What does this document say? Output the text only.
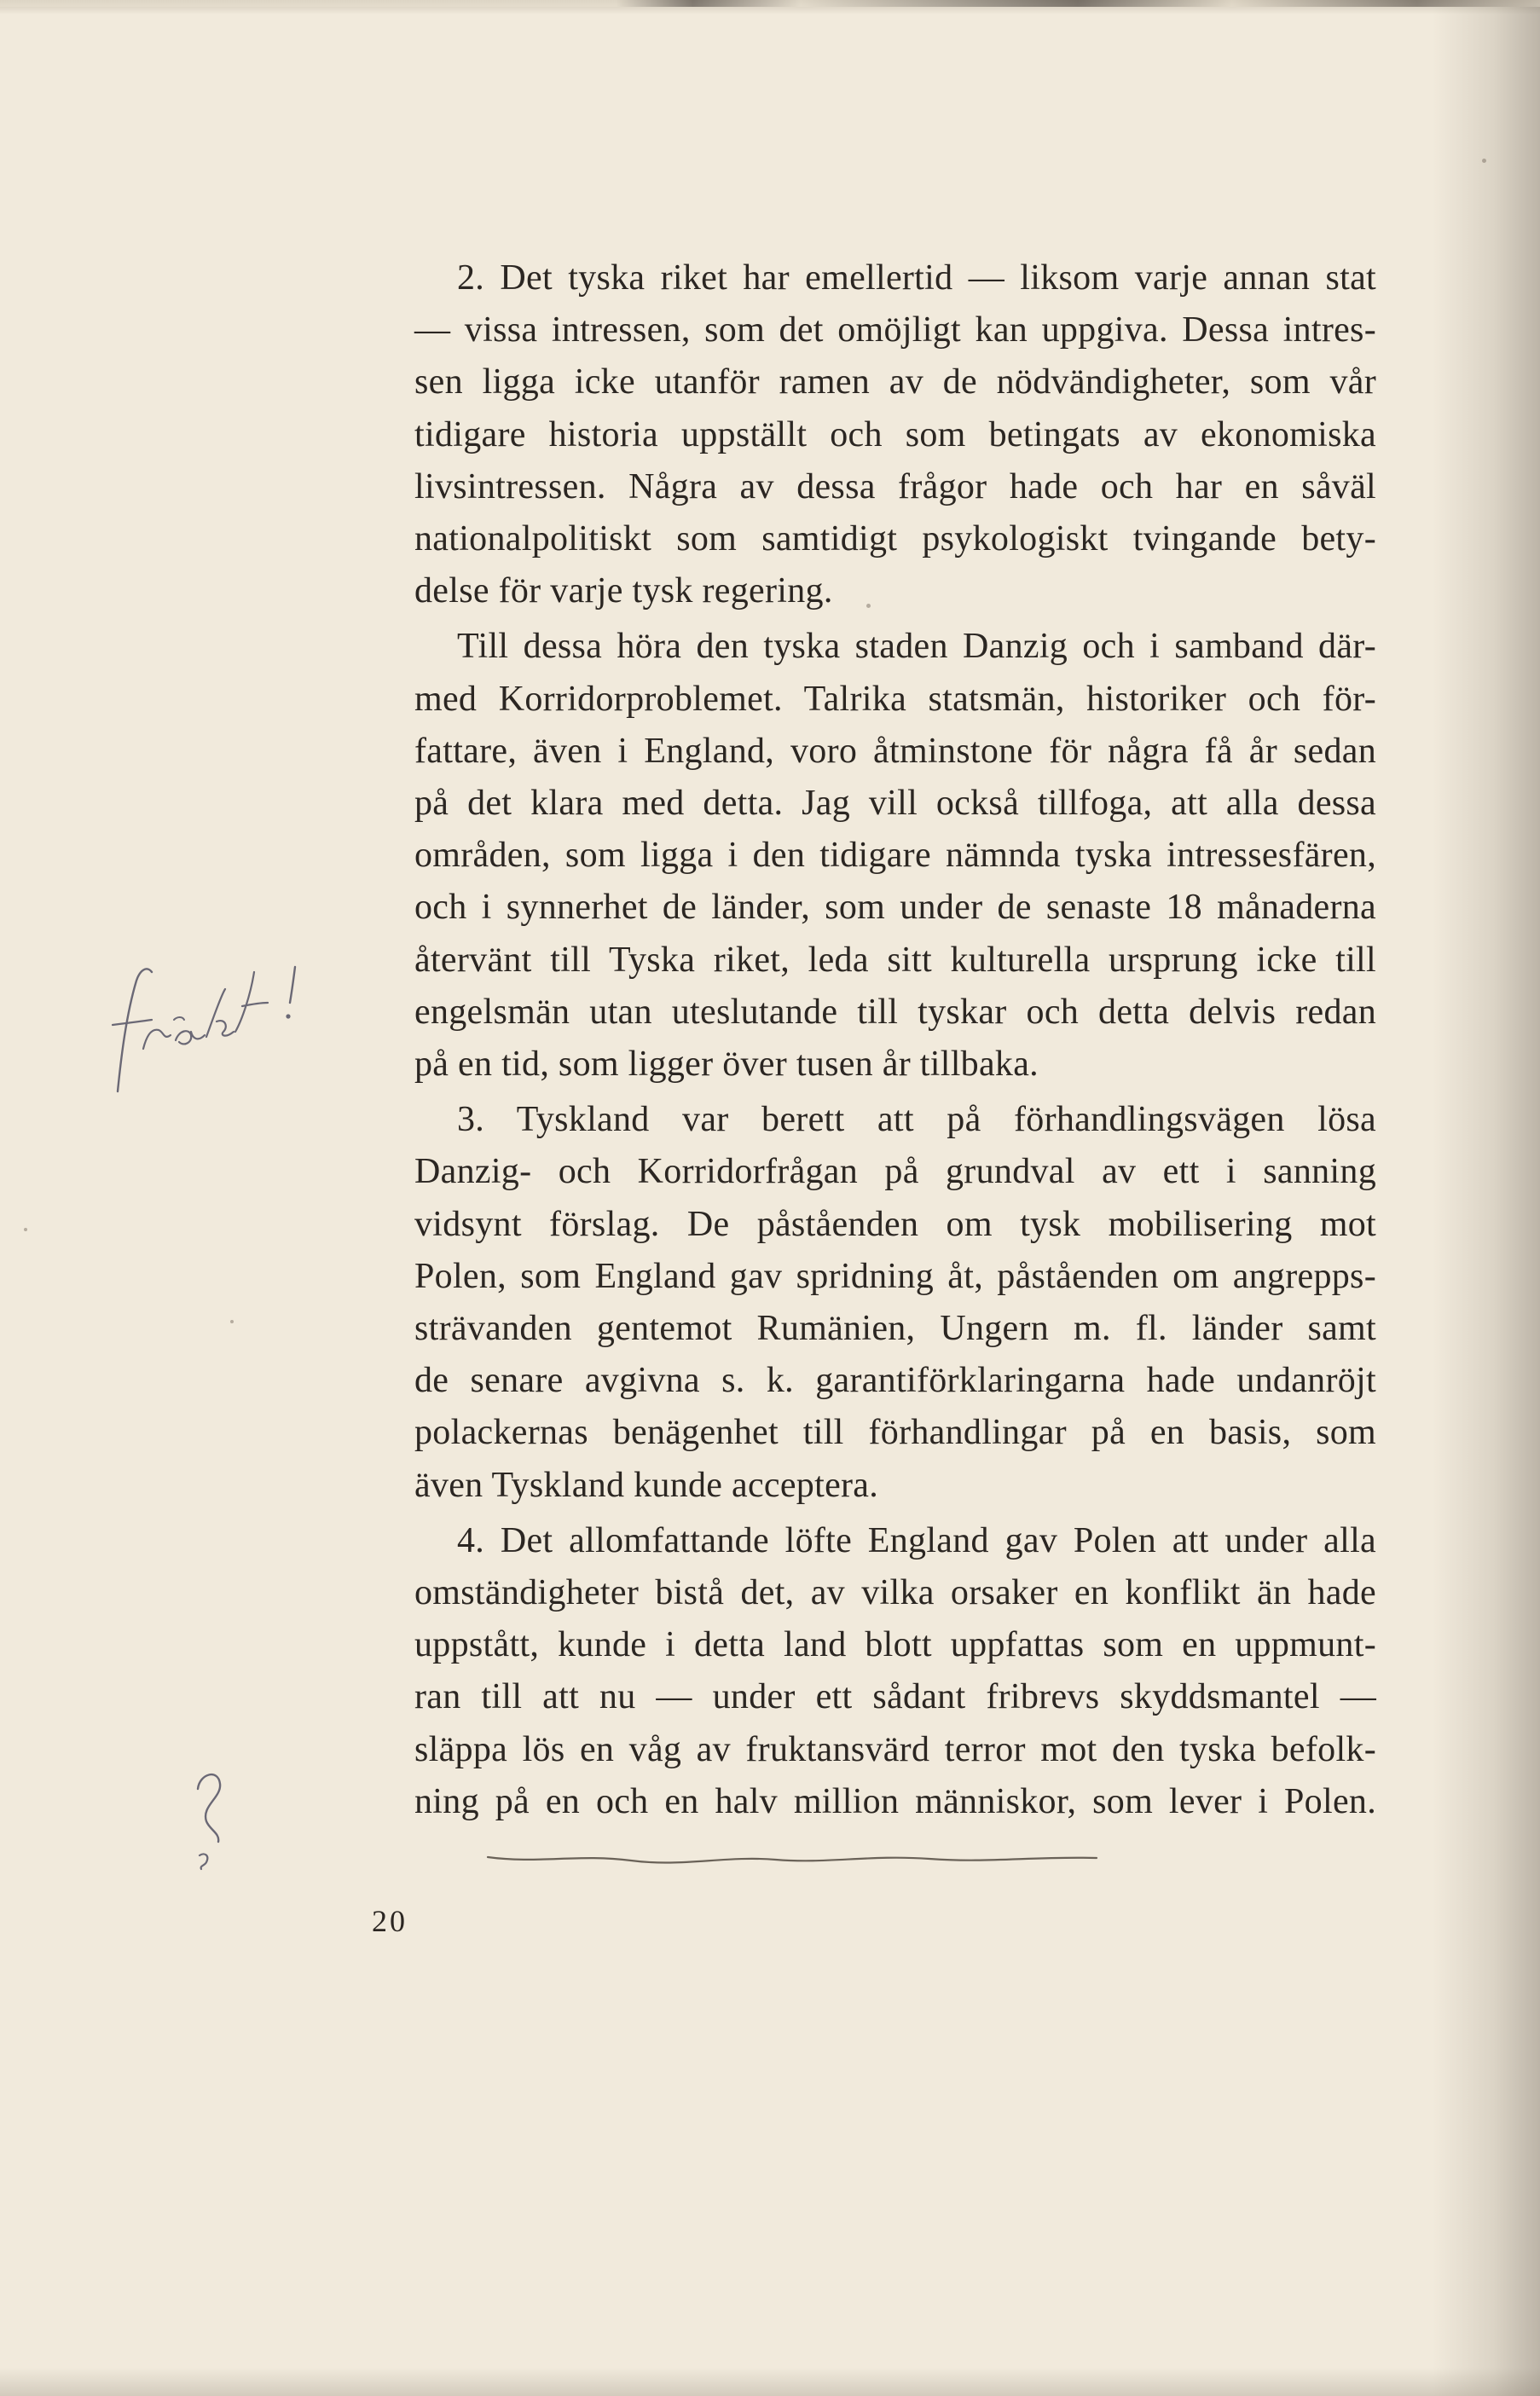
2. Det tyska riket har emellertid — liksom varje annan stat
— vissa intressen, som det omöjligt kan uppgiva. Dessa intres-
sen ligga icke utanför ramen av de nödvändigheter, som vår
tidigare historia uppställt och som betingats av ekonomiska
livsintressen. Några av dessa frågor hade och har en såväl
nationalpolitiskt som samtidigt psykologiskt tvingande bety-
delse för varje tysk regering.
Till dessa höra den tyska staden Danzig och i samband där-
med Korridorproblemet. Talrika statsmän, historiker och för-
fattare, även i England, voro åtminstone för några få år sedan
på det klara med detta. Jag vill också tillfoga, att alla dessa
områden, som ligga i den tidigare nämnda tyska intressesfären,
och i synnerhet de länder, som under de senaste 18 månaderna
återvänt till Tyska riket, leda sitt kulturella ursprung icke till
engelsmän utan uteslutande till tyskar och detta delvis redan
på en tid, som ligger över tusen år tillbaka.
3. Tyskland var berett att på förhandlingsvägen lösa
Danzig- och Korridorfrågan på grundval av ett i sanning
vidsynt förslag. De påståenden om tysk mobilisering mot
Polen, som England gav spridning åt, påståenden om angrepps-
strävanden gentemot Rumänien, Ungern m. fl. länder samt
de senare avgivna s. k. garantiförklaringarna hade undanröjt
polackernas benägenhet till förhandlingar på en basis, som
även Tyskland kunde acceptera.
4. Det allomfattande löfte England gav Polen att under alla
omständigheter bistå det, av vilka orsaker en konflikt än hade
uppstått, kunde i detta land blott uppfattas som en uppmunt-
ran till att nu — under ett sådant fribrevs skyddsmantel —
släppa lös en våg av fruktansvärd terror mot den tyska befolk-
ning på en och en halv million människor, som lever i Polen.
20
